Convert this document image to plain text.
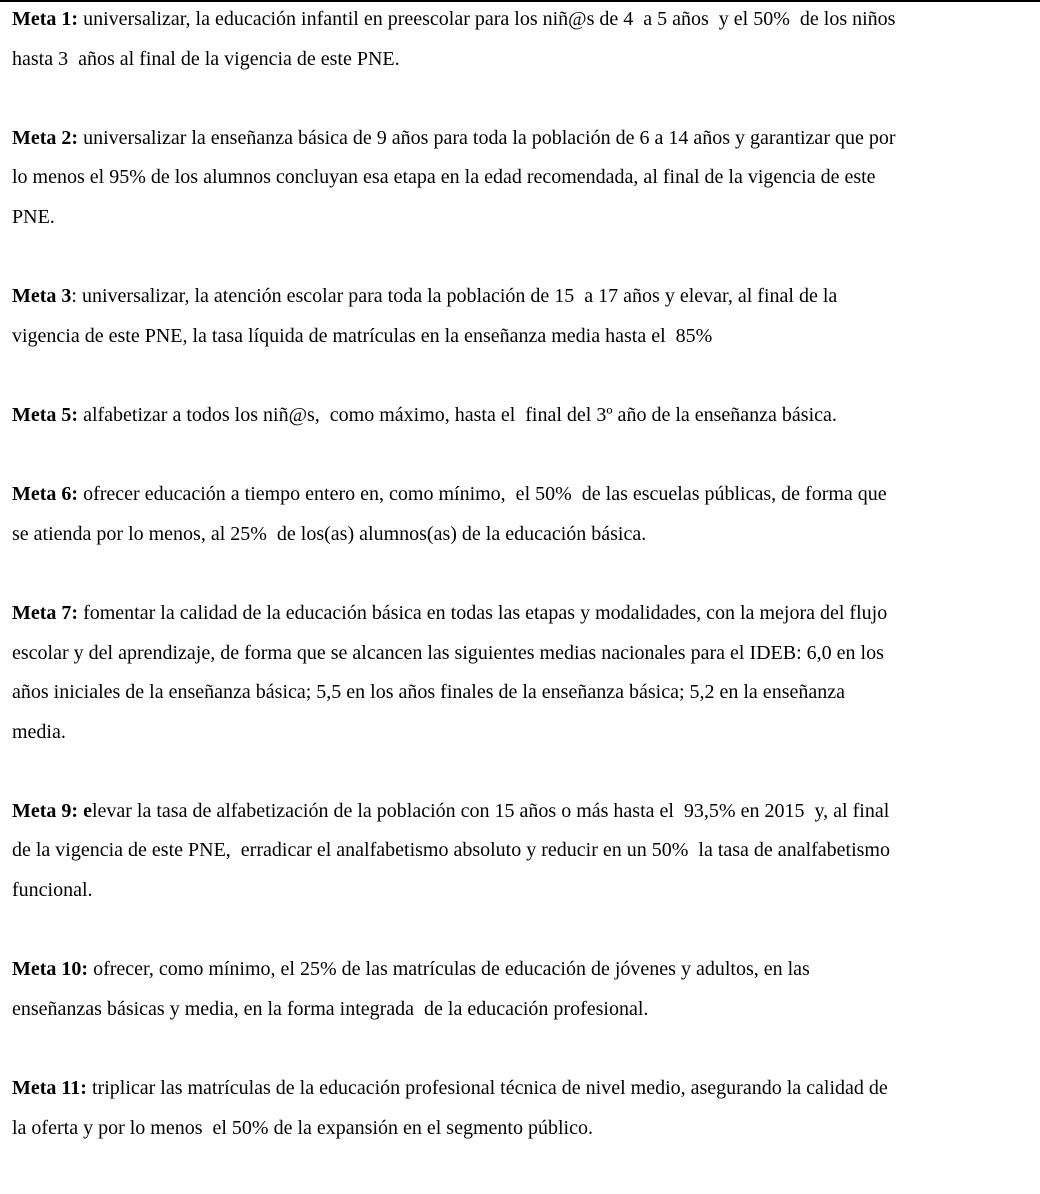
Meta 1: universalizar, la educación infantil en preescolar para los niñ@s de 4  a 5 años  y el 50%  de los niños
hasta 3  años al final de la vigencia de este PNE.
Meta 2: universalizar la enseñanza básica de 9 años para toda la población de 6 a 14 años y garantizar que por
lo menos el 95% de los alumnos concluyan esa etapa en la edad recomendada, al final de la vigencia de este
PNE.
Meta 3: universalizar, la atención escolar para toda la población de 15  a 17 años y elevar, al final de la
vigencia de este PNE, la tasa líquida de matrículas en la enseñanza media hasta el  85%
Meta 5: alfabetizar a todos los niñ@s,  como máximo, hasta el  final del 3º año de la enseñanza básica.
Meta 6: ofrecer educación a tiempo entero en, como mínimo,  el 50%  de las escuelas públicas, de forma que
se atienda por lo menos, al 25%  de los(as) alumnos(as) de la educación básica.
Meta 7: fomentar la calidad de la educación básica en todas las etapas y modalidades, con la mejora del flujo
escolar y del aprendizaje, de forma que se alcancen las siguientes medias nacionales para el IDEB: 6,0 en los
años iniciales de la enseñanza básica; 5,5 en los años finales de la enseñanza básica; 5,2 en la enseñanza
media.
Meta 9: elevar la tasa de alfabetización de la población con 15 años o más hasta el  93,5% en 2015  y, al final
de la vigencia de este PNE,  erradicar el analfabetismo absoluto y reducir en un 50%  la tasa de analfabetismo
funcional.
Meta 10: ofrecer, como mínimo, el 25% de las matrículas de educación de jóvenes y adultos, en las
enseñanzas básicas y media, en la forma integrada  de la educación profesional.
Meta 11: triplicar las matrículas de la educación profesional técnica de nivel medio, asegurando la calidad de
la oferta y por lo menos  el 50% de la expansión en el segmento público.
